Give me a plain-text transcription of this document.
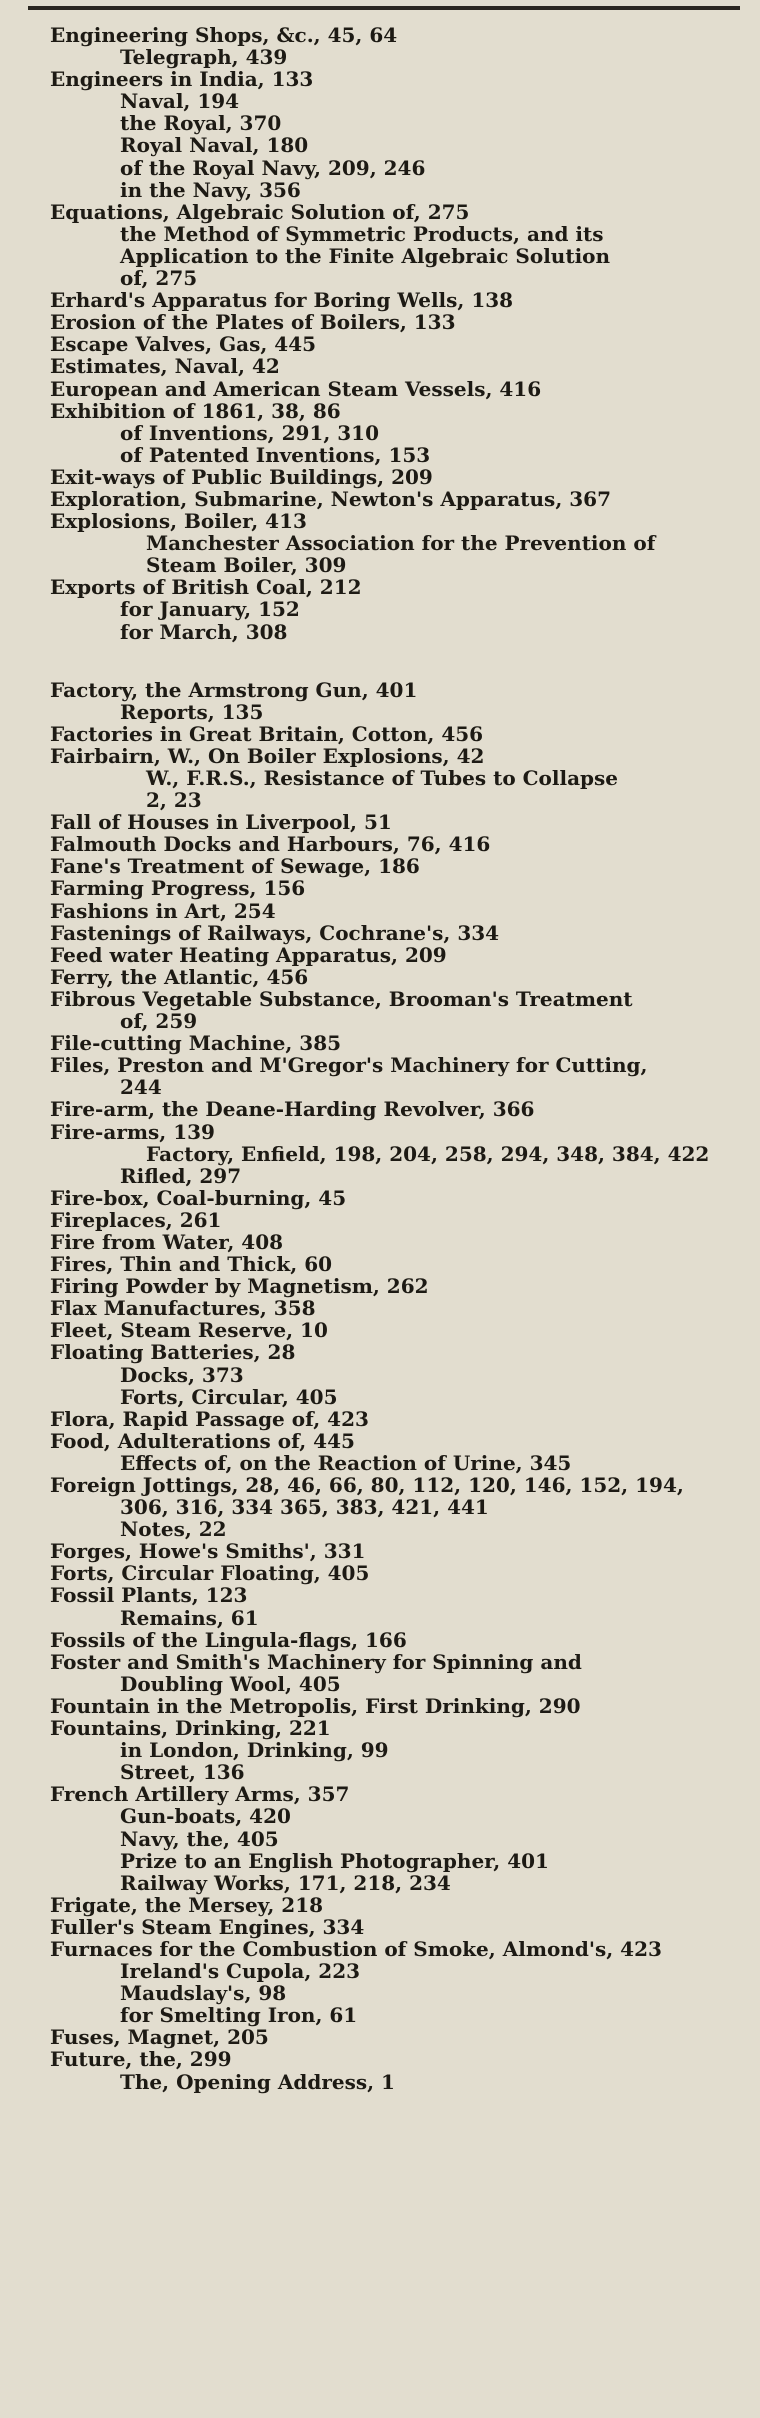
Engineering Shops, &c., 45, 64
Telegraph, 439
Engineers in India, 133
Naval, 194
the Royal, 370
Royal Naval, 180
of the Royal Navy, 209, 246
in the Navy, 356
Equations, Algebraic Solution of, 275
the Method of Symmetric Products, and its
Application to the Finite Algebraic Solution
of, 275
Erhard's Apparatus for Boring Wells, 138
Erosion of the Plates of Boilers, 133
Escape Valves, Gas, 445
Estimates, Naval, 42
European and American Steam Vessels, 416
Exhibition of 1861, 38, 86
of Inventions, 291, 310
of Patented Inventions, 153
Exit-ways of Public Buildings, 209
Exploration, Submarine, Newton's Apparatus, 367
Explosions, Boiler, 413
Manchester Association for the Prevention of
Steam Boiler, 309
Exports of British Coal, 212
for January, 152
for March, 308
Factory, the Armstrong Gun, 401
Reports, 135
Factories in Great Britain, Cotton, 456
Fairbairn, W., On Boiler Explosions, 42
W., F.R.S., Resistance of Tubes to Collapse
2, 23
Fall of Houses in Liverpool, 51
Falmouth Docks and Harbours, 76, 416
Fane's Treatment of Sewage, 186
Farming Progress, 156
Fashions in Art, 254
Fastenings of Railways, Cochrane's, 334
Feed water Heating Apparatus, 209
Ferry, the Atlantic, 456
Fibrous Vegetable Substance, Brooman's Treatment
of, 259
File-cutting Machine, 385
Files, Preston and M'Gregor's Machinery for Cutting,
244
Fire-arm, the Deane-Harding Revolver, 366
Fire-arms, 139
Factory, Enfield, 198, 204, 258, 294, 348, 384, 422
Rifled, 297
Fire-box, Coal-burning, 45
Fireplaces, 261
Fire from Water, 408
Fires, Thin and Thick, 60
Firing Powder by Magnetism, 262
Flax Manufactures, 358
Fleet, Steam Reserve, 10
Floating Batteries, 28
Docks, 373
Forts, Circular, 405
Flora, Rapid Passage of, 423
Food, Adulterations of, 445
Effects of, on the Reaction of Urine, 345
Foreign Jottings, 28, 46, 66, 80, 112, 120, 146, 152, 194,
306, 316, 334 365, 383, 421, 441
Notes, 22
Forges, Howe's Smiths', 331
Forts, Circular Floating, 405
Fossil Plants, 123
Remains, 61
Fossils of the Lingula-flags, 166
Foster and Smith's Machinery for Spinning and
Doubling Wool, 405
Fountain in the Metropolis, First Drinking, 290
Fountains, Drinking, 221
in London, Drinking, 99
Street, 136
French Artillery Arms, 357
Gun-boats, 420
Navy, the, 405
Prize to an English Photographer, 401
Railway Works, 171, 218, 234
Frigate, the Mersey, 218
Fuller's Steam Engines, 334
Furnaces for the Combustion of Smoke, Almond's, 423
Ireland's Cupola, 223
Maudslay's, 98
for Smelting Iron, 61
Fuses, Magnet, 205
Future, the, 299
The, Opening Address, 1
